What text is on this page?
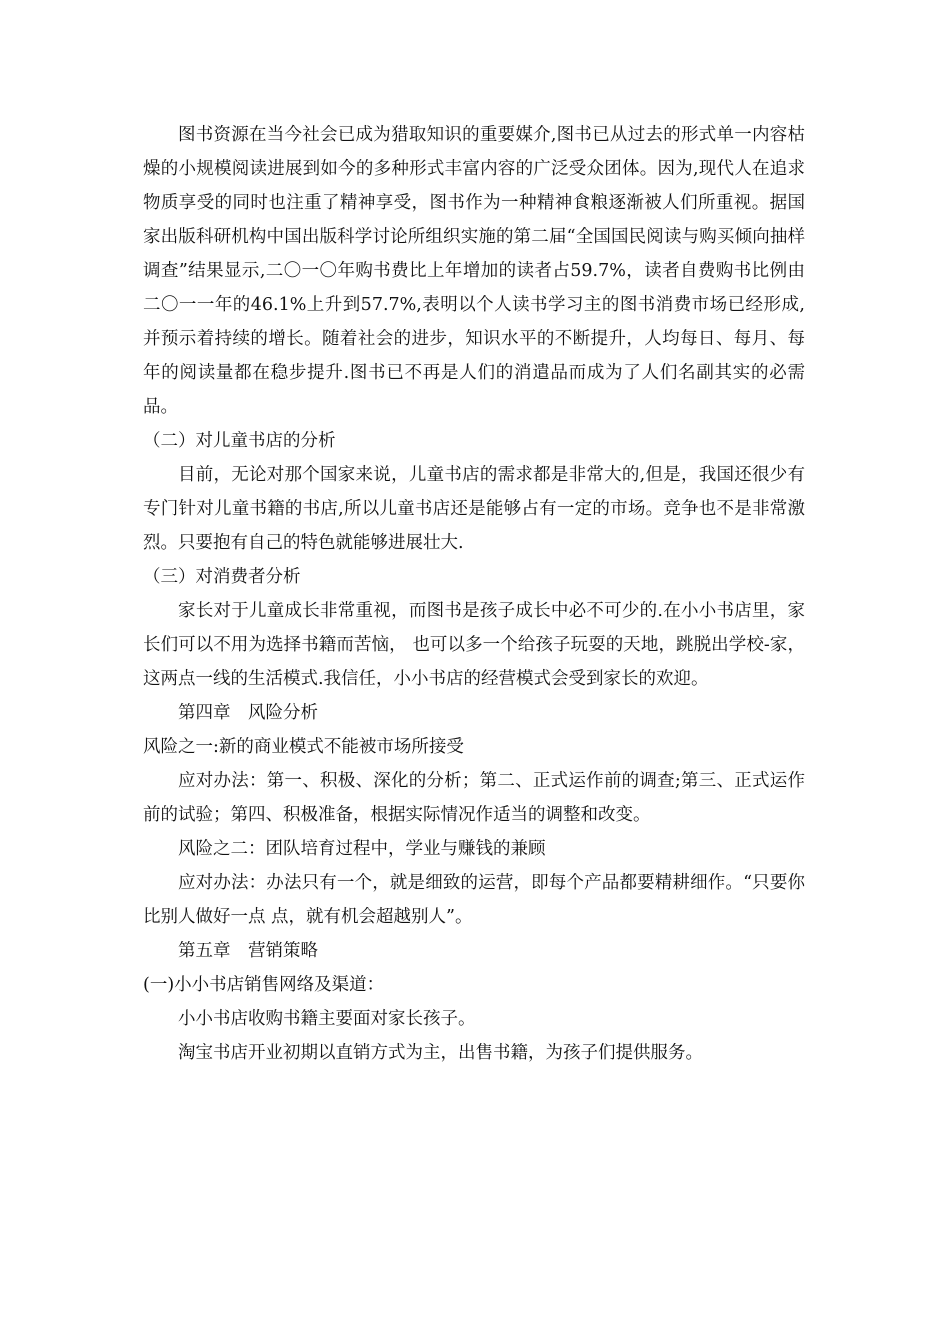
图书资源在当今社会已成为猎取知识的重要媒介,图书已从过去的形式单一内容枯燥的小规模阅读进展到如今的多种形式丰富内容的广泛受众团体。因为,现代人在追求物质享受的同时也注重了精神享受，图书作为一种精神食粮逐渐被人们所重视。据国家出版科研机构中国出版科学讨论所组织实施的第二届“全国国民阅读与购买倾向抽样调查”结果显示,二〇一〇年购书费比上年增加的读者占59.7%，读者自费购书比例由二〇一一年的46.1%上升到57.7%,表明以个人读书学习主的图书消费市场已经形成,并预示着持续的增长。随着社会的进步，知识水平的不断提升，人均每日、每月、每年的阅读量都在稳步提升.图书已不再是人们的消遣品而成为了人们名副其实的必需品。

（二）对儿童书店的分析

目前，无论对那个国家来说，儿童书店的需求都是非常大的,但是，我国还很少有专门针对儿童书籍的书店,所以儿童书店还是能够占有一定的市场。竞争也不是非常激烈。只要抱有自己的特色就能够进展壮大.

（三）对消费者分析

家长对于儿童成长非常重视，而图书是孩子成长中必不可少的.在小小书店里，家长们可以不用为选择书籍而苦恼， 也可以多一个给孩子玩耍的天地，跳脱出学校-家，这两点一线的生活模式.我信任，小小书店的经营模式会受到家长的欢迎。

第四章　风险分析

风险之一:新的商业模式不能被市场所接受

应对办法：第一、积极、深化的分析；第二、正式运作前的调查;第三、正式运作前的试验；第四、积极准备，根据实际情况作适当的调整和改变。

风险之二：团队培育过程中，学业与赚钱的兼顾

应对办法：办法只有一个，就是细致的运营，即每个产品都要精耕细作。“只要你比别人做好一点 点，就有机会超越别人”。

第五章　营销策略

(一)小小书店销售网络及渠道：

小小书店收购书籍主要面对家长孩子。

淘宝书店开业初期以直销方式为主，出售书籍，为孩子们提供服务。
